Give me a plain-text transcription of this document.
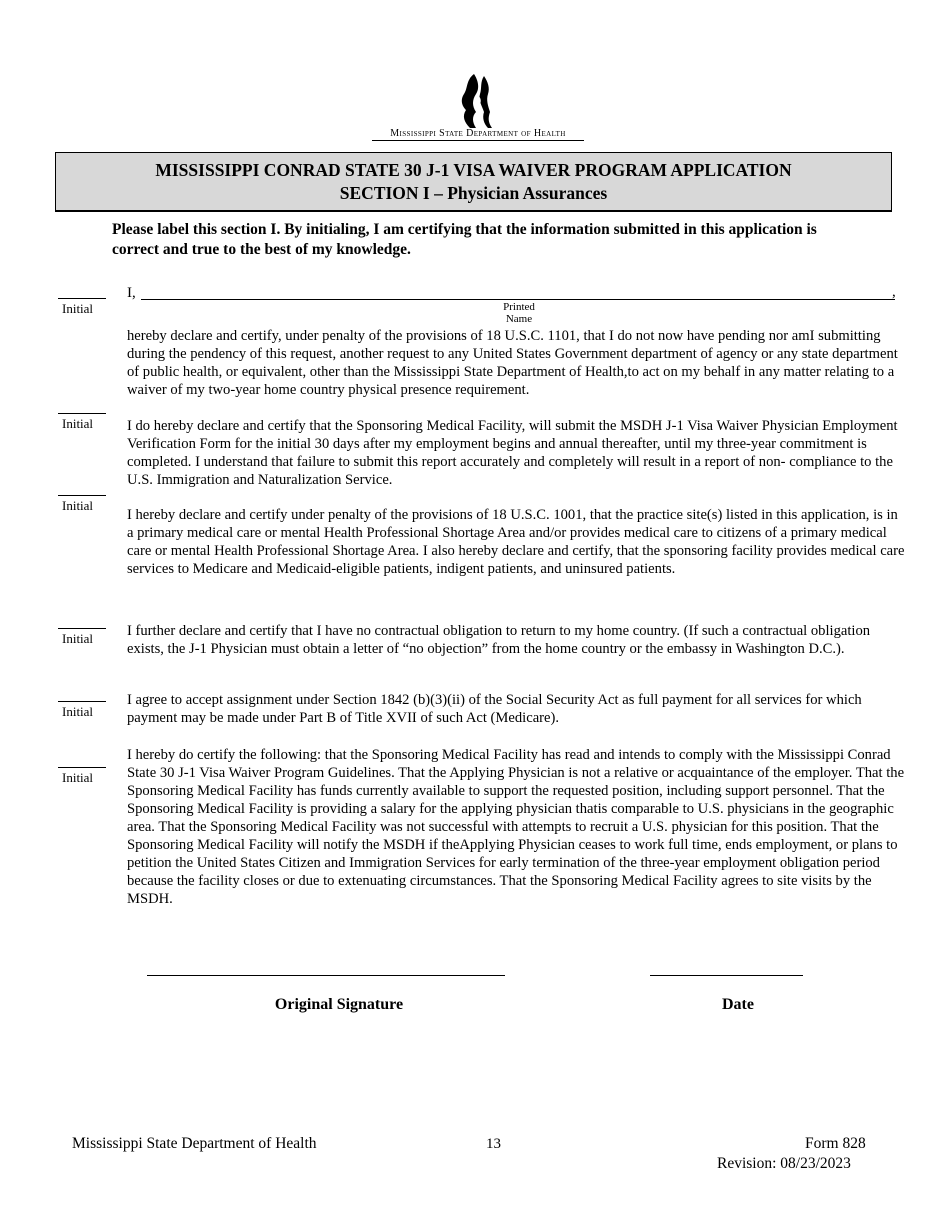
Mississippi State Department of Health
MISSISSIPPI CONRAD STATE 30 J-1 VISA WAIVER PROGRAM APPLICATION
SECTION I – Physician Assurances
Please label this section I. By initialing, I am certifying that the information submitted in this application is correct and true to the best of my knowledge.
Initial
I,	,
Printed
Name
hereby declare and certify, under penalty of the provisions of 18 U.S.C. 1101, that I do not now have pending nor amI submitting during the pendency of this request, another request to any United States Government department of agency or any state department of public health, or equivalent, other than the Mississippi State Department of Health,to act on my behalf in any matter relating to a waiver of my two-year home country physical presence requirement.
Initial I do hereby declare and certify that the Sponsoring Medical Facility, will submit the MSDH J-1 Visa Waiver Physician Employment Verification Form for the initial 30 days after my employment begins and annual thereafter, until my three-year commitment is completed. I understand that failure to submit this report accurately and completely will result in a report of non- compliance to the U.S. Immigration and Naturalization Service.
Initial
I hereby declare and certify under penalty of the provisions of 18 U.S.C. 1001, that the practice site(s) listed in this application, is in a primary medical care or mental Health Professional Shortage Area and/or provides medical care to citizens of a primary medical care or mental Health Professional Shortage Area. I also hereby declare and certify, that the sponsoring facility provides medical care services to Medicare and Medicaid-eligible patients, indigent patients, and uninsured patients.
Initial I further declare and certify that I have no contractual obligation to return to my home country. (If such a contractual obligation exists, the J-1 Physician must obtain a letter of “no objection” from the home country or the embassy in Washington D.C.).
Initial
I agree to accept assignment under Section 1842 (b)(3)(ii) of the Social Security Act as full payment for all services for which payment may be made under Part B of Title XVII of such Act (Medicare).
Initial
I hereby do certify the following: that the Sponsoring Medical Facility has read and intends to comply with the Mississippi Conrad State 30 J-1 Visa Waiver Program Guidelines. That the Applying Physician is not a relative or acquaintance of the employer. That the Sponsoring Medical Facility has funds currently available to support the requested position, including support personnel. That the Sponsoring Medical Facility is providing a salary for the applying physician thatis comparable to U.S. physicians in the geographic area. That the Sponsoring Medical Facility was not successful with attempts to recruit a U.S. physician for this position. That the Sponsoring Medical Facility will notify the MSDH if theApplying Physician ceases to work full time, ends employment, or plans to petition the United States Citizen and Immigration Services for early termination of the three-year employment obligation period because the facility closes or due to extenuating circumstances. That the Sponsoring Medical Facility agrees to site visits by the MSDH.
Original Signature	Date
Mississippi State Department of Health	13	Form 828
Revision: 08/23/2023
